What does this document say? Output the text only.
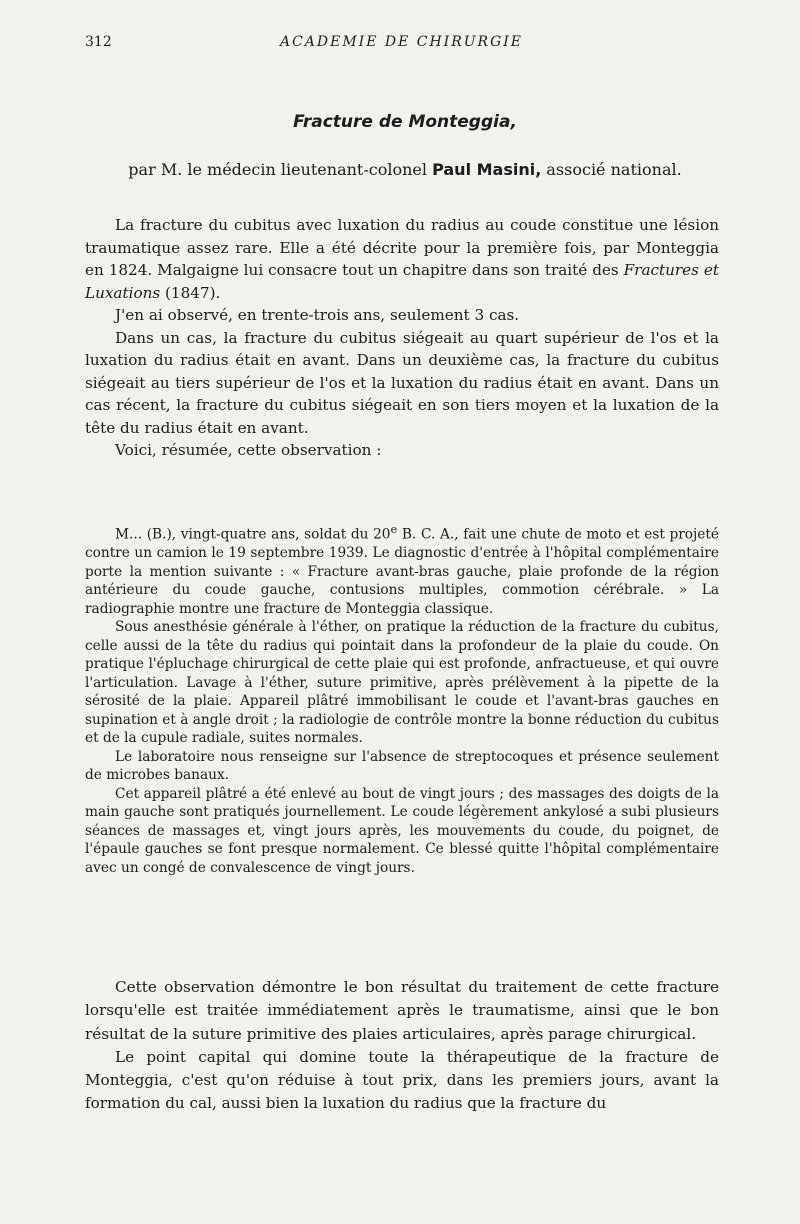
312	ACADEMIE DE CHIRURGIE
Fracture de Monteggia,
par M. le médecin lieutenant-colonel Paul Masini, associé national.

La fracture du cubitus avec luxation du radius au coude constitue une lésion traumatique assez rare. Elle a été décrite pour la première fois, par Monteggia en 1824. Malgaigne lui consacre tout un chapitre dans son traité des Fractures et Luxations (1847).

J'en ai observé, en trente-trois ans, seulement 3 cas.

Dans un cas, la fracture du cubitus siégeait au quart supérieur de l'os et la luxation du radius était en avant. Dans un deuxième cas, la fracture du cubitus siégeait au tiers supérieur de l'os et la luxation du radius était en avant. Dans un cas récent, la fracture du cubitus siégeait en son tiers moyen et la luxation de la tête du radius était en avant.

Voici, résumée, cette observation :

M... (B.), vingt-quatre ans, soldat du 20e B. C. A., fait une chute de moto et est projeté contre un camion le 19 septembre 1939. Le diagnostic d'entrée à l'hôpital complémentaire porte la mention suivante : « Fracture avant-bras gauche, plaie profonde de la région antérieure du coude gauche, contusions multiples, commotion cérébrale. » La radiographie montre une fracture de Monteggia classique.

Sous anesthésie générale à l'éther, on pratique la réduction de la fracture du cubitus, celle aussi de la tête du radius qui pointait dans la profondeur de la plaie du coude. On pratique l'épluchage chirurgical de cette plaie qui est profonde, anfractueuse, et qui ouvre l'articulation. Lavage à l'éther, suture primitive, après prélèvement à la pipette de la sérosité de la plaie. Appareil plâtré immobilisant le coude et l'avant-bras gauches en supination et à angle droit ; la radiologie de contrôle montre la bonne réduction du cubitus et de la cupule radiale, suites normales.

Le laboratoire nous renseigne sur l'absence de streptocoques et présence seulement de microbes banaux.

Cet appareil plâtré a été enlevé au bout de vingt jours ; des massages des doigts de la main gauche sont pratiqués journellement. Le coude légèrement ankylosé a subi plusieurs séances de massages et, vingt jours après, les mouvements du coude, du poignet, de l'épaule gauches se font presque normalement. Ce blessé quitte l'hôpital complémentaire avec un congé de convalescence de vingt jours.

Cette observation démontre le bon résultat du traitement de cette fracture lorsqu'elle est traitée immédiatement après le traumatisme, ainsi que le bon résultat de la suture primitive des plaies articulaires, après parage chirurgical.

Le point capital qui domine toute la thérapeutique de la fracture de Monteggia, c'est qu'on réduise à tout prix, dans les premiers jours, avant la formation du cal, aussi bien la luxation du radius que la fracture du
